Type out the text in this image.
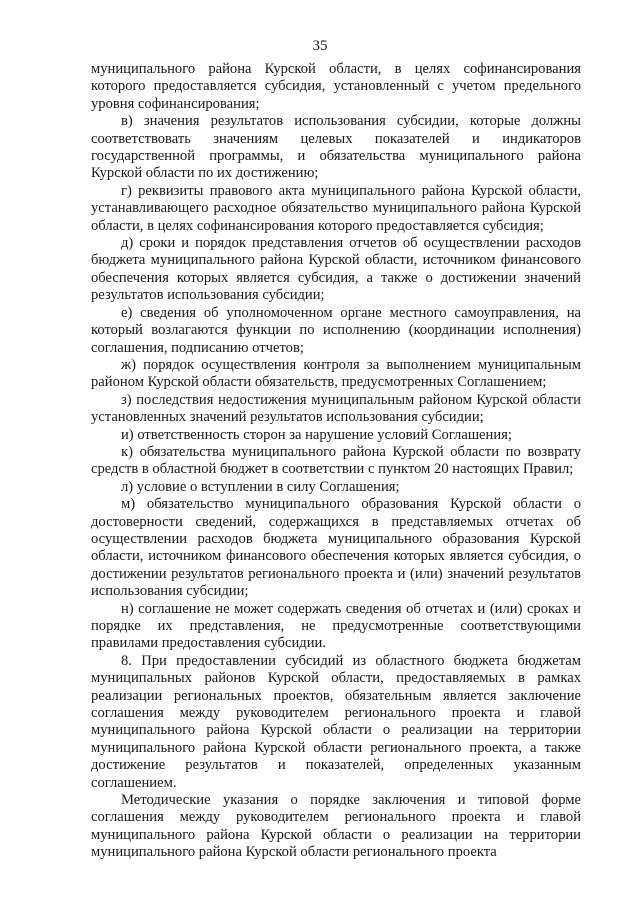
35

муниципального района Курской области, в целях софинансирования которого предоставляется субсидия, установленный с учетом предельного уровня софинансирования;

в) значения результатов использования субсидии, которые должны соответствовать значениям целевых показателей и индикаторов государственной программы, и обязательства муниципального района Курской области по их достижению;

г) реквизиты правового акта муниципального района Курской области, устанавливающего расходное обязательство муниципального района Курской области, в целях софинансирования которого предоставляется субсидия;

д) сроки и порядок представления отчетов об осуществлении расходов бюджета муниципального района Курской области, источником финансового обеспечения которых является субсидия, а также о достижении значений результатов использования субсидии;

е) сведения об уполномоченном органе местного самоуправления, на который возлагаются функции по исполнению (координации исполнения) соглашения, подписанию отчетов;

ж) порядок осуществления контроля за выполнением муниципальным районом Курской области обязательств, предусмотренных Соглашением;

з) последствия недостижения муниципальным районом Курской области установленных значений результатов использования субсидии;

и) ответственность сторон за нарушение условий Соглашения;

к) обязательства муниципального района Курской области по возврату средств в областной бюджет в соответствии с пунктом 20 настоящих Правил;

л) условие о вступлении в силу Соглашения;

м) обязательство муниципального образования Курской области о достоверности сведений, содержащихся в представляемых отчетах об осуществлении расходов бюджета муниципального образования Курской области, источником финансового обеспечения которых является субсидия, о достижении результатов регионального проекта и (или) значений результатов использования субсидии;

н) соглашение не может содержать сведения об отчетах и (или) сроках и порядке их представления, не предусмотренные соответствующими правилами предоставления субсидии.

8. При предоставлении субсидий из областного бюджета бюджетам муниципальных районов Курской области, предоставляемых в рамках реализации региональных проектов, обязательным является заключение соглашения между руководителем регионального проекта и главой муниципального района Курской области о реализации на территории муниципального района Курской области регионального проекта, а также достижение результатов и показателей, определенных указанным соглашением.

Методические указания о порядке заключения и типовой форме соглашения между руководителем регионального проекта и главой муниципального района Курской области о реализации на территории муниципального района Курской области регионального проекта
